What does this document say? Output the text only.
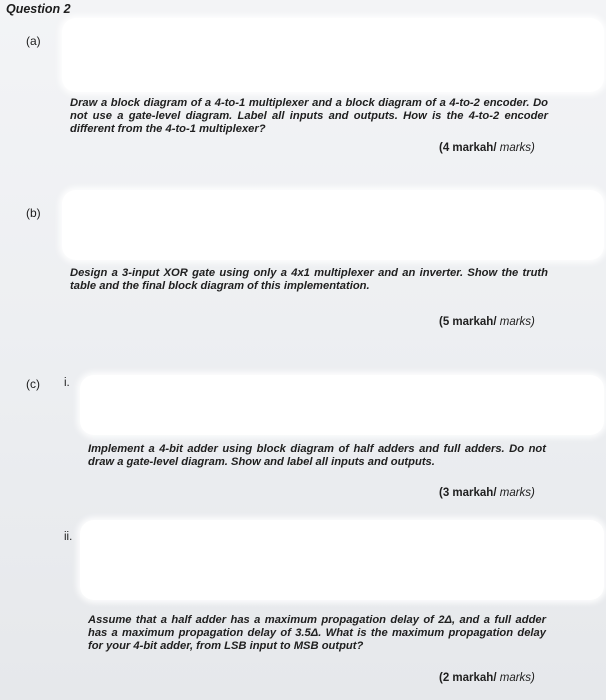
Question 2
(a)
Draw a block diagram of a 4-to-1 multiplexer and a block diagram of a 4-to-2 encoder. Do not use a gate-level diagram. Label all inputs and outputs. How is the 4-to-2 encoder different from the 4-to-1 multiplexer?
(4 markah/ marks)
(b)
Design a 3-input XOR gate using only a 4x1 multiplexer and an inverter. Show the truth table and the final block diagram of this implementation.
(5 markah/ marks)
(c) i.
Implement a 4-bit adder using block diagram of half adders and full adders. Do not draw a gate-level diagram. Show and label all inputs and outputs.
(3 markah/ marks)
ii.
Assume that a half adder has a maximum propagation delay of 2Δ, and a full adder has a maximum propagation delay of 3.5Δ. What is the maximum propagation delay for your 4-bit adder, from LSB input to MSB output?
(2 markah/ marks)
